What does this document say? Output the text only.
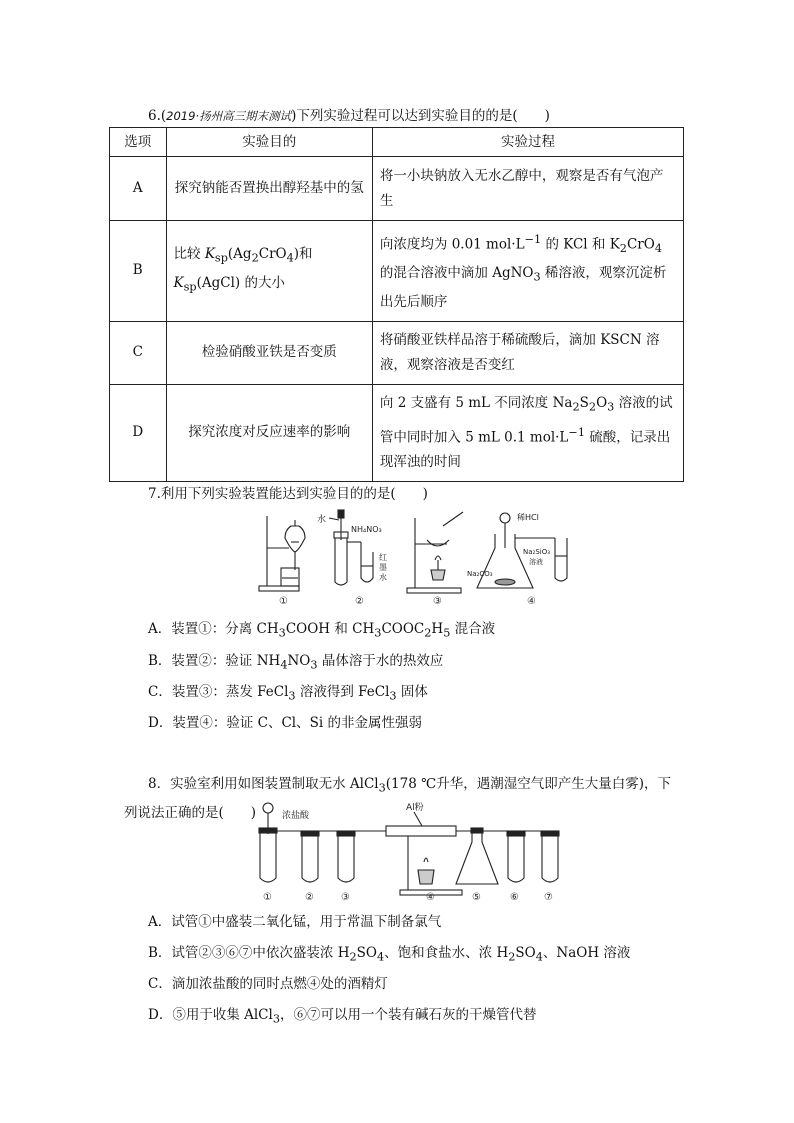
6.(2019·扬州高三期末测试)下列实验过程可以达到实验目的的是(　　)
选项	实验目的	实验过程
A	探究钠能否置换出醇羟基中的氢	将一小块钠放入无水乙醇中，观察是否有气泡产生
B	比较 $K_{sp}(Ag_2CrO_4)$和 $K_{sp}(AgCl)$ 的大小	向浓度均为 0.01 $mol\cdot L^{-1}$ 的 KCl 和 $K_2CrO_4$ 的混合溶液中滴加 AgNO$_3$ 稀溶液，观察沉淀析出先后顺序
C	检验硝酸亚铁是否变质	将硝酸亚铁样品溶于稀硫酸后，滴加 KSCN 溶液，观察溶液是否变红
D	探究浓度对反应速率的影响	向 2 支盛有 5 mL 不同浓度 $Na_2S_2O_3$ 溶液的试管中同时加入 5 mL 0.1 $mol\cdot L^{-1}$ 硫酸，记录出现浑浊的时间
7.利用下列实验装置能达到实验目的的是(　　)
①
水
NH₄NO₃
红
墨
水
②	③
稀HCl
Na₂SiO₃
溶液
Na₂CO₃
④
A．装置①：分离 $CH_3COOH$ 和 $CH_3COOC_2H_5$ 混合液
B．装置②：验证 $NH_4NO_3$ 晶体溶于水的热效应
C．装置③：蒸发 FeCl$_3$ 溶液得到 FeCl$_3$ 固体
D．装置④：验证 C、Cl、Si 的非金属性强弱
8．实验室利用如图装置制取无水 AlCl$_3$(178 ℃升华，遇潮湿空气即产生大量白雾)，下列说法正确的是(　　)	浓盐酸
Al粉
①	②	③	④	⑤	⑥	⑦
A．试管①中盛装二氧化锰，用于常温下制备氯气
B．试管②③⑥⑦中依次盛装浓 $H_2SO_4$、饱和食盐水、浓 $H_2SO_4$、NaOH 溶液
C．滴加浓盐酸的同时点燃④处的酒精灯
D．⑤用于收集 AlCl$_3$，⑥⑦可以用一个装有碱石灰的干燥管代替
